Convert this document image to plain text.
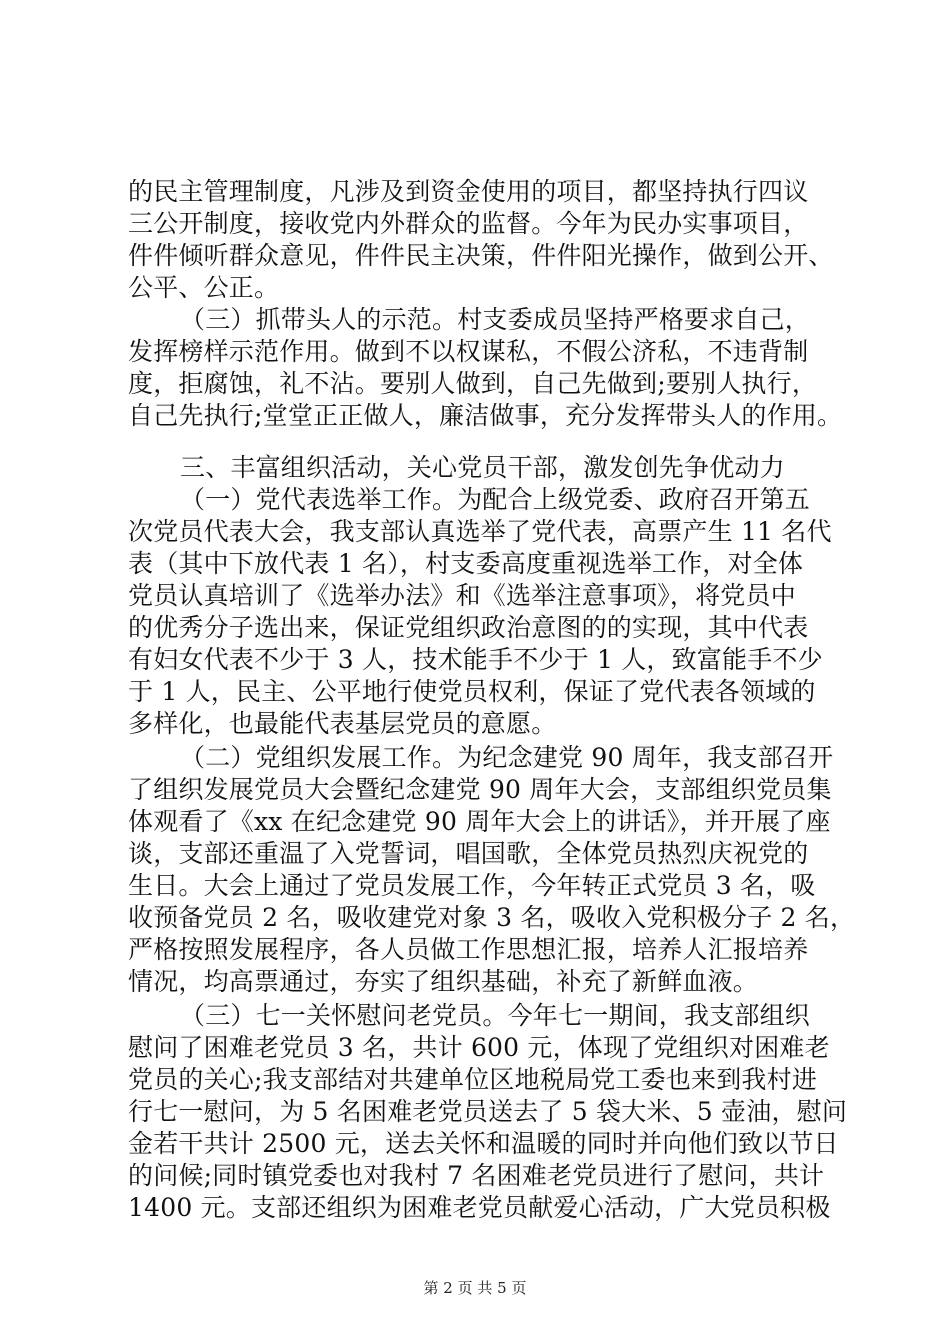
的民主管理制度，凡涉及到资金使用的项目，都坚持执行四议
三公开制度，接收党内外群众的监督。今年为民办实事项目，
件件倾听群众意见，件件民主决策，件件阳光操作，做到公开、
公平、公正。
（三）抓带头人的示范。村支委成员坚持严格要求自己，
发挥榜样示范作用。做到不以权谋私，不假公济私，不违背制
度，拒腐蚀，礼不沾。要别人做到，自己先做到;要别人执行，
自己先执行;堂堂正正做人，廉洁做事，充分发挥带头人的作用。
三、丰富组织活动，关心党员干部，激发创先争优动力
（一）党代表选举工作。为配合上级党委、政府召开第五
次党员代表大会，我支部认真选举了党代表，高票产生 11 名代
表（其中下放代表 1 名），村支委高度重视选举工作，对全体
党员认真培训了《选举办法》和《选举注意事项》，将党员中
的优秀分子选出来，保证党组织政治意图的的实现，其中代表
有妇女代表不少于 3 人，技术能手不少于 1 人，致富能手不少
于 1 人，民主、公平地行使党员权利，保证了党代表各领域的
多样化，也最能代表基层党员的意愿。
（二）党组织发展工作。为纪念建党 90 周年，我支部召开
了组织发展党员大会暨纪念建党 90 周年大会，支部组织党员集
体观看了《xx 在纪念建党 90 周年大会上的讲话》，并开展了座
谈，支部还重温了入党誓词，唱国歌，全体党员热烈庆祝党的
生日。大会上通过了党员发展工作，今年转正式党员 3 名，吸
收预备党员 2 名，吸收建党对象 3 名，吸收入党积极分子 2 名，
严格按照发展程序，各人员做工作思想汇报，培养人汇报培养
情况，均高票通过，夯实了组织基础，补充了新鲜血液。
（三）七一关怀慰问老党员。今年七一期间，我支部组织
慰问了困难老党员 3 名，共计 600 元，体现了党组织对困难老
党员的关心;我支部结对共建单位区地税局党工委也来到我村进
行七一慰问，为 5 名困难老党员送去了 5 袋大米、5 壶油，慰问
金若干共计 2500 元，送去关怀和温暖的同时并向他们致以节日
的问候;同时镇党委也对我村 7 名困难老党员进行了慰问，共计
1400 元。支部还组织为困难老党员献爱心活动，广大党员积极
第 2 页 共 5 页
